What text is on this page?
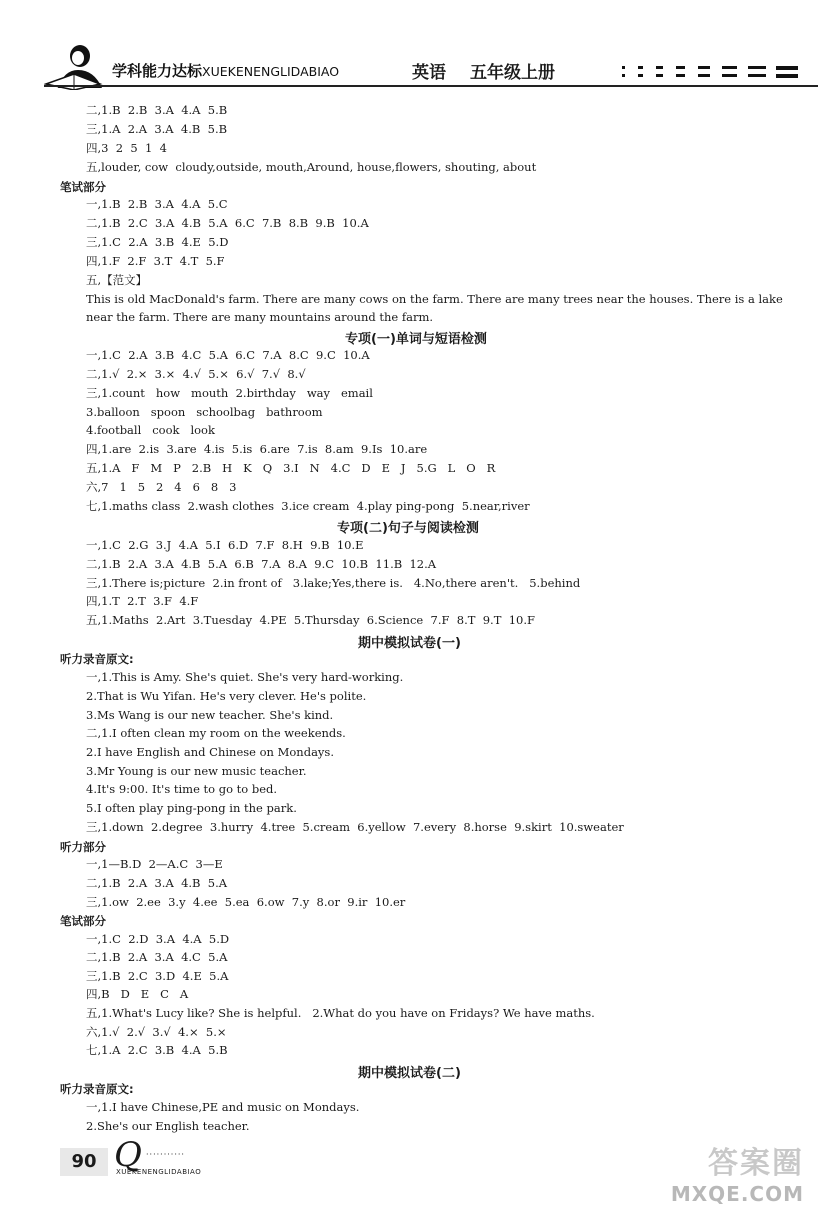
学科能力达标XUEKENENGLIDABIAO	英语 五年级上册
二,1.B  2.B  3.A  4.A  5.B
三,1.A  2.A  3.A  4.B  5.B
四,3  2  5  1  4
五,louder, cow  cloudy,outside, mouth,Around, house,flowers, shouting, about
笔试部分
一,1.B  2.B  3.A  4.A  5.C
二,1.B  2.C  3.A  4.B  5.A  6.C  7.B  8.B  9.B  10.A
三,1.C  2.A  3.B  4.E  5.D
四,1.F  2.F  3.T  4.T  5.F
五,【范文】
This is old MacDonald's farm. There are many cows on the farm. There are many trees near the houses. There is a lake near the farm. There are many mountains around the farm.
专项(一)单词与短语检测
一,1.C  2.A  3.B  4.C  5.A  6.C  7.A  8.C  9.C  10.A
二,1.√  2.×  3.×  4.√  5.×  6.√  7.√  8.√
三,1.count   how   mouth  2.birthday   way   email
3.balloon   spoon   schoolbag   bathroom
4.football   cook   look
四,1.are  2.is  3.are  4.is  5.is  6.are  7.is  8.am  9.Is  10.are
五,1.A   F   M   P   2.B   H   K   Q   3.I   N   4.C   D   E   J   5.G   L   O   R
六,7   1   5   2   4   6   8   3
七,1.maths class  2.wash clothes  3.ice cream  4.play ping-pong  5.near,river
专项(二)句子与阅读检测
一,1.C  2.G  3.J  4.A  5.I  6.D  7.F  8.H  9.B  10.E
二,1.B  2.A  3.A  4.B  5.A  6.B  7.A  8.A  9.C  10.B  11.B  12.A
三,1.There is;picture  2.in front of   3.lake;Yes,there is.   4.No,there aren't.   5.behind
四,1.T  2.T  3.F  4.F
五,1.Maths  2.Art  3.Tuesday  4.PE  5.Thursday  6.Science  7.F  8.T  9.T  10.F
期中模拟试卷(一)
听力录音原文:
一,1.This is Amy. She's quiet. She's very hard-working.
2.That is Wu Yifan. He's very clever. He's polite.
3.Ms Wang is our new teacher. She's kind.
二,1.I often clean my room on the weekends.
2.I have English and Chinese on Mondays.
3.Mr Young is our new music teacher.
4.It's 9:00. It's time to go to bed.
5.I often play ping-pong in the park.
三,1.down  2.degree  3.hurry  4.tree  5.cream  6.yellow  7.every  8.horse  9.skirt  10.sweater
听力部分
一,1—B.D  2—A.C  3—E
二,1.B  2.A  3.A  4.B  5.A
三,1.ow  2.ee  3.y  4.ee  5.ea  6.ow  7.y  8.or  9.ir  10.er
笔试部分
一,1.C  2.D  3.A  4.A  5.D
二,1.B  2.A  3.A  4.C  5.A
三,1.B  2.C  3.D  4.E  5.A
四,B   D   E   C   A
五,1.What's Lucy like? She is helpful.   2.What do you have on Fridays? We have maths.
六,1.√  2.√  3.√  4.×  5.×
七,1.A  2.C  3.B  4.A  5.B
期中模拟试卷(二)
听力录音原文:
一,1.I have Chinese,PE and music on Mondays.
2.She's our English teacher.
90 Q ···········
XUEKENENGLIDABIAO	答案圈
MXQE.COM
